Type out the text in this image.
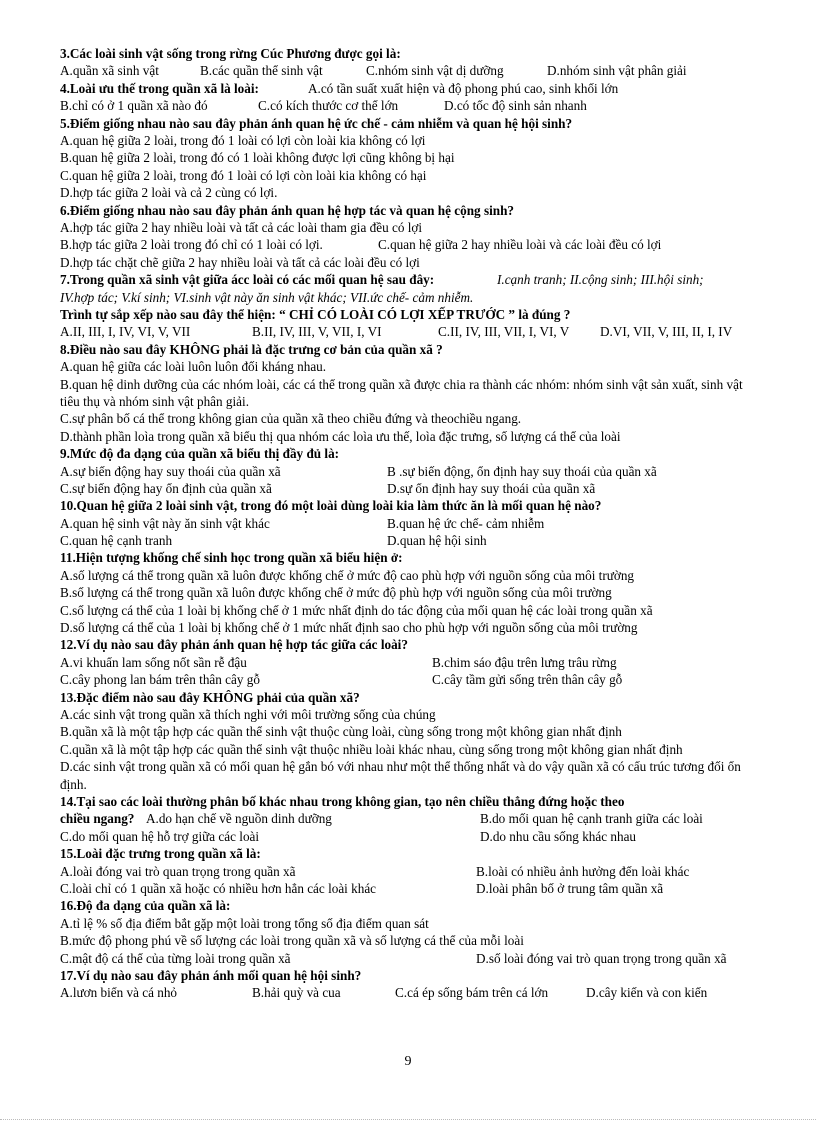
3.Các loài sinh vật sống trong rừng Cúc Phương được gọi là:
A.quần xã sinh vật	B.các quần thể sinh vật	C.nhóm sinh vật dị dưỡng	D.nhóm sinh vật phân giải
4.Loài ưu thế trong quần xã là loài:	A.có tần suất xuất hiện và độ phong phú cao, sinh khối lớn
B.chỉ có ở 1 quần xã nào đó	C.có kích thước cơ thể lớn	D.có tốc độ sinh sản nhanh
5.Điểm giống nhau nào sau đây phản ánh quan hệ ức chế - cảm nhiễm và quan hệ hội sinh?
A.quan hệ giữa 2 loài, trong đó 1 loài có lợi còn loài kia không có lợi
B.quan hệ giữa 2 loài, trong đó có 1 loài không được lợi cũng không bị hại
C.quan hệ giữa 2 loài, trong đó 1 loài có lợi còn loài kia không có hại
D.hợp tác giữa 2 loài và cả 2 cùng có lợi.
6.Điểm giống nhau nào sau đây phản ánh quan hệ hợp tác và quan hệ cộng sinh?
A.hợp tác giữa 2 hay nhiều loài và tất cả các loài tham gia đều có lợi
B.hợp tác giữa 2 loài trong đó chỉ có 1 loài có lợi.	C.quan hệ giữa 2 hay nhiều loài và các loài đều có lợi
D.hợp tác chặt chẽ giữa 2 hay nhiều loài và tất cả các loài đều có lợi
7.Trong quần xã sinh vật giữa ácc loài có các mối quan hệ sau đây:	I.cạnh tranh; II.cộng sinh; III.hội sinh;
IV.hợp tác; V.kí sinh; VI.sinh vật này ăn sinh vật khác; VII.ức chế- cảm nhiễm.
Trình tự sắp xếp nào sau đây thể hiện: “ CHỈ CÓ LOÀI CÓ LỢI XẾP TRƯỚC ” là đúng ?
A.II, III, I, IV, VI, V, VII	B.II, IV, III, V, VII, I, VI	C.II, IV, III, VII, I, VI, V D.VI, VII, V, III, II, I, IV
8.Điều nào sau đây KHÔNG phải là đặc trưng cơ bản của quần xã ?
A.quan hệ giữa các loài luôn luôn đối kháng nhau.
B.quan hệ dinh dưỡng của các nhóm loài, các cá thể trong quần xã được chia ra thành các nhóm: nhóm sinh vật sản xuất, sinh vật tiêu thụ và nhóm sinh vật phân giải.
C.sự phân bố cá thể trong không gian của quần xã theo chiều đứng và theochiều ngang.
D.thành phần loìa trong quần xã biểu thị qua nhóm các loìa ưu thế, loìa đặc trưng, số lượng cá thể của loài
9.Mức độ đa dạng của quần xã biểu thị đầy đủ là:
A.sự biến động hay suy thoái của quần xã	B .sự biến động, ổn định hay suy thoái của quần xã
C.sự biến động hay ổn định của quần xã	D.sự ổn định hay suy thoái của quần xã
10.Quan hệ giữa 2 loài sinh vật, trong đó một loài dùng loài kia làm thức ăn là mối quan hệ nào?
A.quan hệ sinh vật này ăn sinh vật khác	B.quan hệ ức chế- cảm nhiễm
C.quan hệ cạnh tranh	D.quan hệ hội sinh
11.Hiện tượng khống chế sinh học trong quần xã biểu hiện ở:
A.số lượng cá thể trong quần xã luôn được khống chế ở mức độ cao phù hợp với nguồn sống của môi trường
B.số lượng cá thể trong quần xã luôn được khống chế ở mức độ phù hợp với nguồn sống của môi trường
C.số lượng cá thể của 1 loài bị khống chế ở 1 mức nhất định do tác động của mối quan hệ các loài trong quần xã
D.số lượng cá thể của 1 loài bị khống chế ở 1 mức nhất định sao cho phù hợp với nguồn sống của môi trường
12.Ví dụ nào sau đây phản ánh quan hệ hợp tác giữa các loài?
A.vi khuẩn lam sống nốt sần rễ đậu	B.chim sáo đậu trên lưng trâu rừng
C.cây phong lan bám trên thân cây gỗ	C.cây tầm gửi sống trên thân cây gỗ
13.Đặc điểm nào sau đây KHÔNG phải của quần xã?
A.các sinh vật trong quần xã thích nghi với môi trường sống của chúng
B.quần xã là một tập hợp các quần thể sinh vật thuộc cùng loài, cùng sống trong một không gian nhất định
C.quần xã là một tập hợp các quần thể sinh vật thuộc nhiều loài khác nhau, cùng sống trong một không gian nhất định
D.các sinh vật trong quần xã có mối quan hệ gắn bó với nhau như một thể thống nhất và do vậy quần xã có cấu trúc tương đối ổn định.
14.Tại sao các loài thường phân bố khác nhau trong không gian, tạo nên chiều thẳng đứng hoặc theo
chiều ngang? A.do hạn chế về nguồn dinh dưỡng	B.do mối quan hệ cạnh tranh giữa các loài
C.do mối quan hệ hỗ trợ giữa các loài	D.do nhu cầu sống khác nhau
15.Loài đặc trưng trong quần xã là:
A.loài đóng vai trò quan trọng trong quần xã	B.loài có nhiều ảnh hưởng đến loài khác
C.loài chỉ có 1 quần xã hoặc có nhiều hơn hẳn các loài khác	D.loài phân bố ở trung tâm quần xã
16.Độ đa dạng của quần xã là:
A.tỉ lệ % số địa điểm bắt gặp một loài trong tổng số địa điểm quan sát
B.mức độ phong phú về số lượng các loài trong quần xã và số lượng cá thể của mỗi loài
C.mật độ cá thể của từng loài trong quần xã	D.số loài đóng vai trò quan trọng trong quần xã
17.Ví dụ nào sau đây phản ánh mối quan hệ hội sinh?
A.lươn biển và cá nhỏ	B.hải quỳ và cua	C.cá ép sống bám trên cá lớn	D.cây kiến và con kiến
9
